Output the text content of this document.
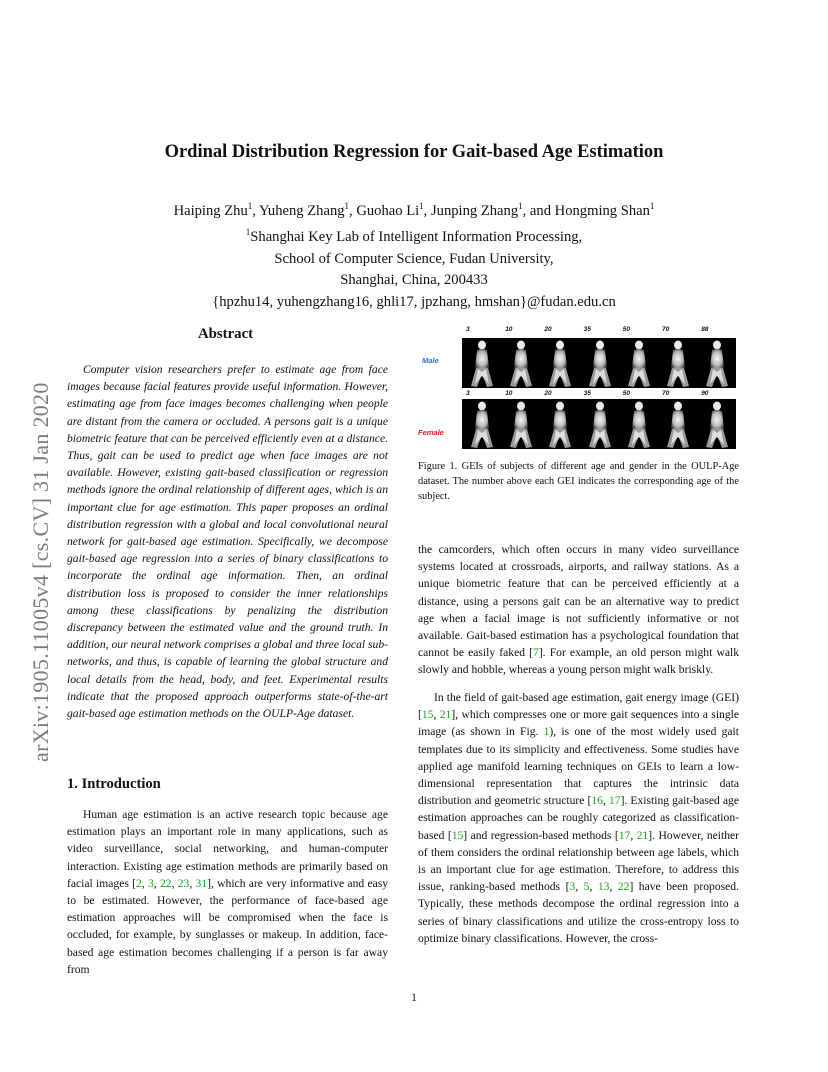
arXiv:1905.11005v4 [cs.CV] 31 Jan 2020
Ordinal Distribution Regression for Gait-based Age Estimation
Haiping Zhu$^1$, Yuheng Zhang$^1$, Guohao Li$^1$, Junping Zhang$^1$, and Hongming Shan$^1$
$^1$Shanghai Key Lab of Intelligent Information Processing,
School of Computer Science, Fudan University,
Shanghai, China, 200433
{hpzhu14, yuhengzhang16, ghli17, jpzhang, hmshan}@fudan.edu.cn
Abstract
Computer vision researchers prefer to estimate age from face images because facial features provide useful information. However, estimating age from face images becomes challenging when people are distant from the camera or occluded. A persons gait is a unique biometric feature that can be perceived efficiently even at a distance. Thus, gait can be used to predict age when face images are not available. However, existing gait-based classification or regression methods ignore the ordinal relationship of different ages, which is an important clue for age estimation. This paper proposes an ordinal distribution regression with a global and local convolutional neural network for gait-based age estimation. Specifically, we decompose gait-based age regression into a series of binary classifications to incorporate the ordinal age information. Then, an ordinal distribution loss is proposed to consider the inner relationships among these classifications by penalizing the distribution discrepancy between the estimated value and the ground truth. In addition, our neural network comprises a global and three local sub-networks, and thus, is capable of learning the global structure and local details from the head, body, and feet. Experimental results indicate that the proposed approach outperforms state-of-the-art gait-based age estimation methods on the OULP-Age dataset.
Male
Female
3	10	20	35	50	70	88
3	10	20	35	50	70	90
Figure 1. GEIs of subjects of different age and gender in the OULP-Age dataset. The number above each GEI indicates the corresponding age of the subject.
the camcorders, which often occurs in many video surveillance systems located at crossroads, airports, and railway stations. As a unique biometric feature that can be perceived efficiently at a distance, using a persons gait can be an alternative way to predict age when a facial image is not sufficiently informative or not available. Gait-based estimation has a psychological foundation that cannot be easily faked [7]. For example, an old person might walk slowly and hobble, whereas a young person might walk briskly.
In the field of gait-based age estimation, gait energy image (GEI) [15, 21], which compresses one or more gait sequences into a single image (as shown in Fig. 1), is one of the most widely used gait templates due to its simplicity and effectiveness. Some studies have applied age manifold learning techniques on GEIs to learn a low-dimensional representation that captures the intrinsic data distribution and geometric structure [16, 17]. Existing gait-based age estimation approaches can be roughly categorized as classification-based [15] and regression-based methods [17, 21]. However, neither of them considers the ordinal relationship between age labels, which is an important clue for age estimation. Therefore, to address this issue, ranking-based methods [3, 5, 13, 22] have been proposed. Typically, these methods decompose the ordinal regression into a series of binary classifications and utilize the cross-entropy loss to optimize binary classifications. However, the cross-
1. Introduction
Human age estimation is an active research topic because age estimation plays an important role in many applications, such as video surveillance, social networking, and human-computer interaction. Existing age estimation methods are primarily based on facial images [2, 3, 22, 23, 31], which are very informative and easy to be estimated. However, the performance of face-based age estimation approaches will be compromised when the face is occluded, for example, by sunglasses or makeup. In addition, face-based age estimation becomes challenging if a person is far away from
1
